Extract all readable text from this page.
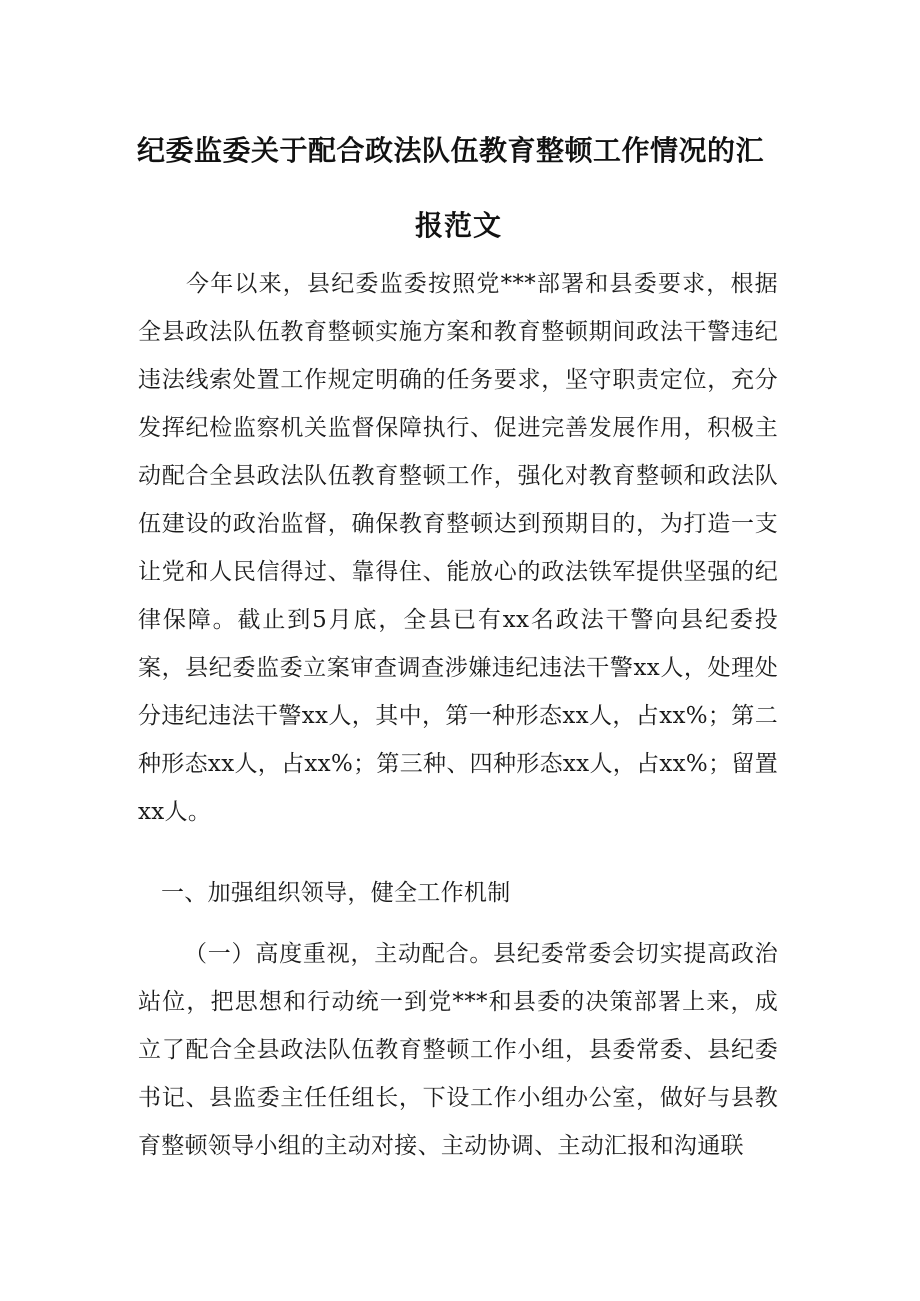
纪委监委关于配合政法队伍教育整顿工作情况的汇
报范文
今年以来，县纪委监委按照党***部署和县委要求，根据全县政法队伍教育整顿实施方案和教育整顿期间政法干警违纪违法线索处置工作规定明确的任务要求，坚守职责定位，充分发挥纪检监察机关监督保障执行、促进完善发展作用，积极主动配合全县政法队伍教育整顿工作，强化对教育整顿和政法队伍建设的政治监督，确保教育整顿达到预期目的，为打造一支让党和人民信得过、靠得住、能放心的政法铁军提供坚强的纪律保障。截止到5月底，全县已有xx名政法干警向县纪委投案，县纪委监委立案审查调查涉嫌违纪违法干警xx人，处理处分违纪违法干警xx人，其中，第一种形态xx人，占xx%；第二种形态xx人，占xx%；第三种、四种形态xx人，占xx%；留置xx人。
一、加强组织领导，健全工作机制
（一）高度重视，主动配合。县纪委常委会切实提高政治站位，把思想和行动统一到党***和县委的决策部署上来，成立了配合全县政法队伍教育整顿工作小组，县委常委、县纪委书记、县监委主任任组长，下设工作小组办公室，做好与县教育整顿领导小组的主动对接、主动协调、主动汇报和沟通联
